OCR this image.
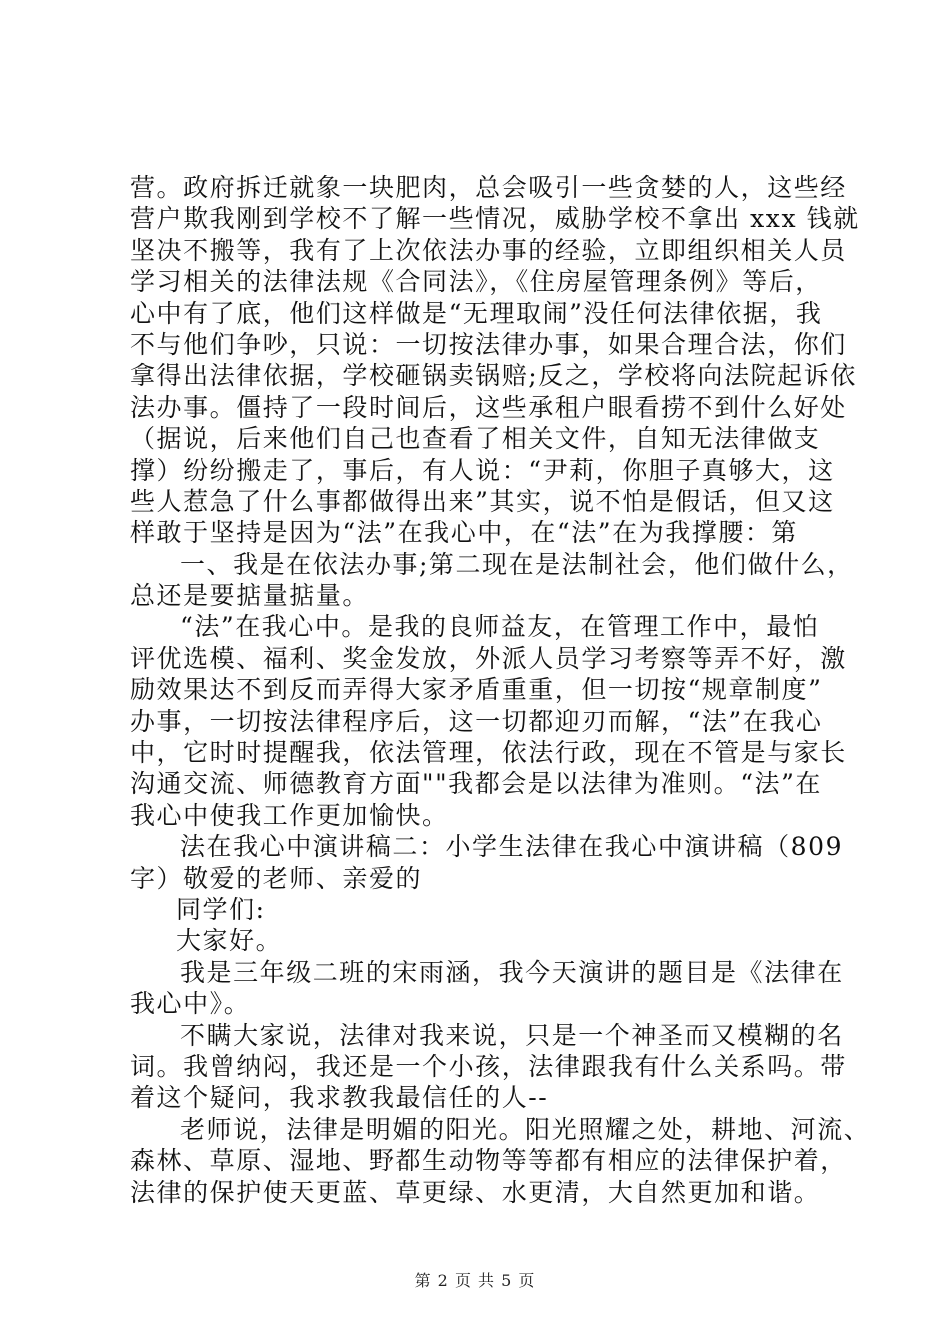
营。政府拆迁就象一块肥肉，总会吸引一些贪婪的人，这些经
营户欺我刚到学校不了解一些情况，威胁学校不拿出 xxx 钱就
坚决不搬等，我有了上次依法办事的经验，立即组织相关人员
学习相关的法律法规《合同法》，《住房屋管理条例》等后，
心中有了底，他们这样做是“无理取闹”没任何法律依据，我
不与他们争吵，只说：一切按法律办事，如果合理合法，你们
拿得出法律依据，学校砸锅卖锅赔;反之，学校将向法院起诉依
法办事。僵持了一段时间后，这些承租户眼看捞不到什么好处
（据说，后来他们自己也查看了相关文件，自知无法律做支
撑）纷纷搬走了，事后，有人说：“尹莉，你胆子真够大，这
些人惹急了什么事都做得出来”其实，说不怕是假话，但又这
样敢于坚持是因为“法”在我心中，在“法”在为我撑腰：第
一、我是在依法办事;第二现在是法制社会，他们做什么，
总还是要掂量掂量。
“法”在我心中。是我的良师益友，在管理工作中，最怕
评优选模、福利、奖金发放，外派人员学习考察等弄不好，激
励效果达不到反而弄得大家矛盾重重，但一切按“规章制度”
办事，一切按法律程序后，这一切都迎刃而解，“法”在我心
中，它时时提醒我，依法管理，依法行政，现在不管是与家长
沟通交流、师德教育方面""我都会是以法律为准则。“法”在
我心中使我工作更加愉快。
法在我心中演讲稿二：小学生法律在我心中演讲稿（809
字）敬爱的老师、亲爱的
同学们:
大家好。
我是三年级二班的宋雨涵，我今天演讲的题目是《法律在
我心中》。
不瞒大家说，法律对我来说，只是一个神圣而又模糊的名
词。我曾纳闷，我还是一个小孩，法律跟我有什么关系吗。带
着这个疑问，我求教我最信任的人--
老师说，法律是明媚的阳光。阳光照耀之处，耕地、河流、
森林、草原、湿地、野都生动物等等都有相应的法律保护着，
法律的保护使天更蓝、草更绿、水更清，大自然更加和谐。
第 2 页 共 5 页
